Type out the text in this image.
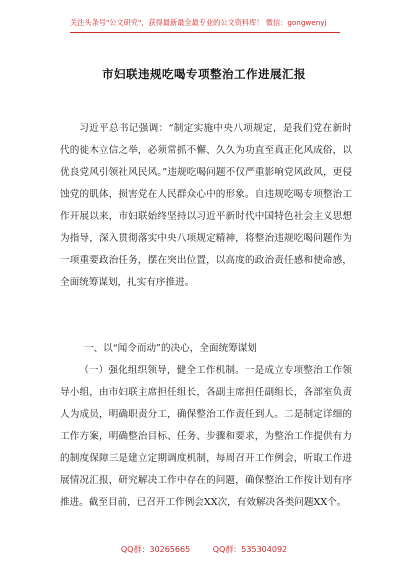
关注头条号"公文研究"，获得最新最全最专业的公文资料库！ 微信：gongwenyj
市妇联违规吃喝专项整治工作进展汇报
习近平总书记强调：“制定实施中央八项规定，是我们党在新时代的徙木立信之举，必须常抓不懈、久久为功直至真正化风成俗，以优良党风引领社风民风。”违规吃喝问题不仅严重影响党风政风，更侵蚀党的肌体，损害党在人民群众心中的形象。自违规吃喝专项整治工作开展以来，市妇联始终坚持以习近平新时代中国特色社会主义思想为指导，深入贯彻落实中央八项规定精神，将整治违规吃喝问题作为一项重要政治任务，摆在突出位置，以高度的政治责任感和使命感，全面统筹谋划，扎实有序推进。
一、以“闻令而动”的决心，全面统筹谋划
（一）强化组织领导，健全工作机制。一是成立专项整治工作领导小组，由市妇联主席担任组长，各副主席担任副组长，各部室负责人为成员，明确职责分工，确保整治工作责任到人。二是制定详细的工作方案，明确整治目标、任务、步骤和要求，为整治工作提供有力的制度保障三是建立定期调度机制，每周召开工作例会，听取工作进展情况汇报，研究解决工作中存在的问题，确保整治工作按计划有序推进。截至目前，已召开工作例会XX次，有效解决各类问题XX个。
QQ群：30265665	QQ群：535304092
